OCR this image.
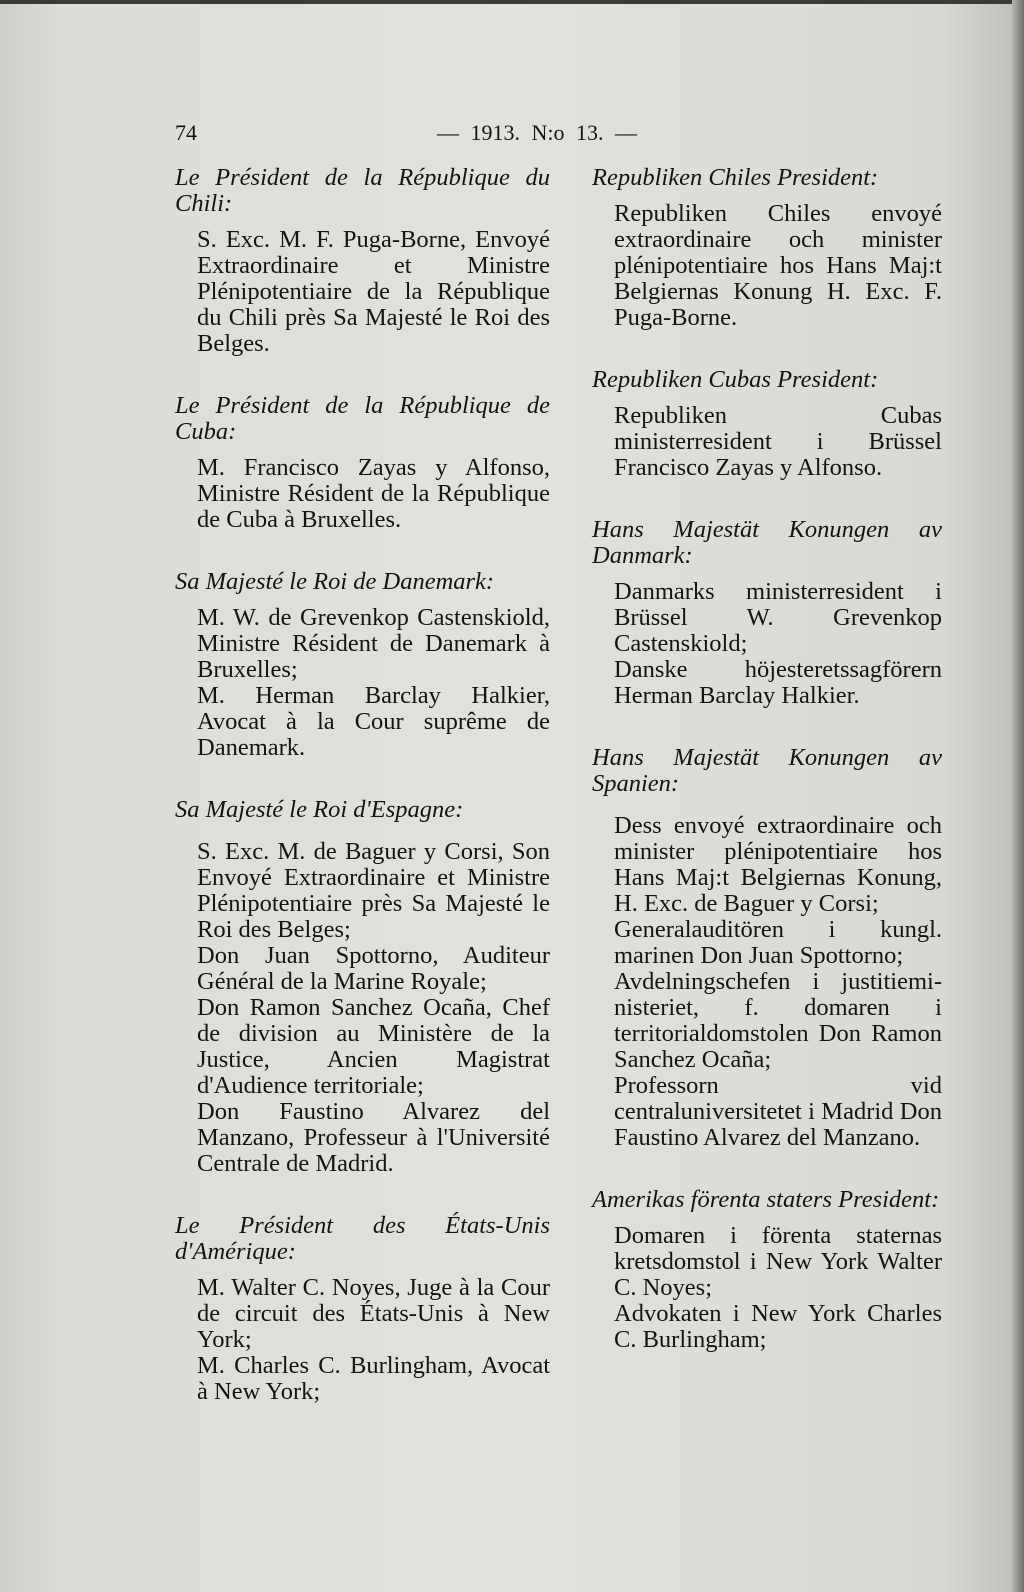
74	— 1913. N:o 13. —

Le Président de la République du Chili:

S. Exc. M. F. Puga-Borne, Envoyé Extraordinaire et Ministre Plénipotentiaire de la République du Chili près Sa Majesté le Roi des Belges.

Le Président de la République de Cuba:

M. Francisco Zayas y Alfonso, Ministre Résident de la République de Cuba à Bruxelles.

Sa Majesté le Roi de Danemark:

M. W. de Grevenkop Castenskiold, Ministre Résident de Danemark à Bruxelles;

M. Herman Barclay Halkier, Avocat à la Cour suprême de Danemark.

Sa Majesté le Roi d'Espagne:

S. Exc. M. de Baguer y Corsi, Son Envoyé Extraordinaire et Ministre Plénipotentiaire près Sa Majesté le Roi des Belges;

Don Juan Spottorno, Auditeur Général de la Marine Royale;

Don Ramon Sanchez Ocaña, Chef de division au Ministère de la Justice, Ancien Magistrat d'Audience territoriale;

Don Faustino Alvarez del Manzano, Professeur à l'Université Centrale de Madrid.

Le Président des États-Unis d'Amérique:

M. Walter C. Noyes, Juge à la Cour de circuit des États-Unis à New York;

M. Charles C. Burlingham, Avocat à New York;

Republiken Chiles President:

Republiken Chiles envoyé extraordinaire och minister plénipotentiaire hos Hans Maj:t Belgiernas Konung H. Exc. F. Puga-Borne.

Republiken Cubas President:

Republiken Cubas ministerresident i Brüssel Francisco Zayas y Alfonso.

Hans Majestät Konungen av Danmark:

Danmarks ministerresident i Brüssel W. Grevenkop Castenskiold;

Danske höjesteretssagförern Herman Barclay Halkier.

Hans Majestät Konungen av Spanien:

Dess envoyé extraordinaire och minister plénipotentiaire hos Hans Maj:t Belgiernas Konung, H. Exc. de Baguer y Corsi;

Generalauditören i kungl. marinen Don Juan Spottorno;

Avdelningschefen i justitieministeriet, f. domaren i territorialdomstolen Don Ramon Sanchez Ocaña;

Professorn vid centraluniversitetet i Madrid Don Faustino Alvarez del Manzano.

Amerikas förenta staters President:

Domaren i förenta staternas kretsdomstol i New York Walter C. Noyes;

Advokaten i New York Charles C. Burlingham;
